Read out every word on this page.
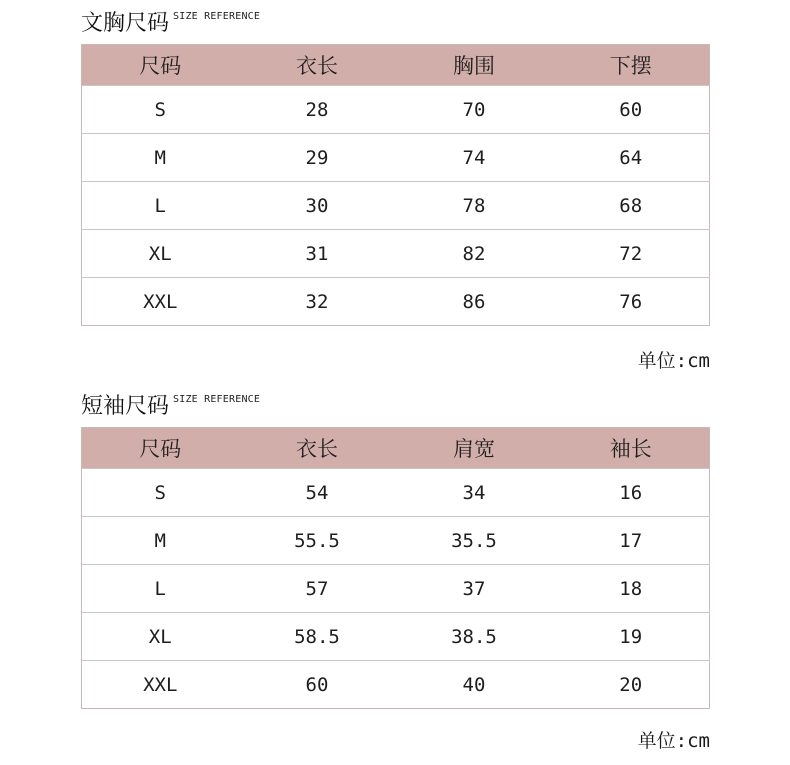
文胸尺码 SIZE REFERENCE
尺码	衣长	胸围	下摆
S	28	70	60
M	29	74	64
L	30	78	68
XL	31	82	72
XXL	32	86	76
单位:cm
短袖尺码 SIZE REFERENCE
尺码	衣长	肩宽	袖长
S	54	34	16
M	55.5	35.5	17
L	57	37	18
XL	58.5	38.5	19
XXL	60	40	20
单位:cm
